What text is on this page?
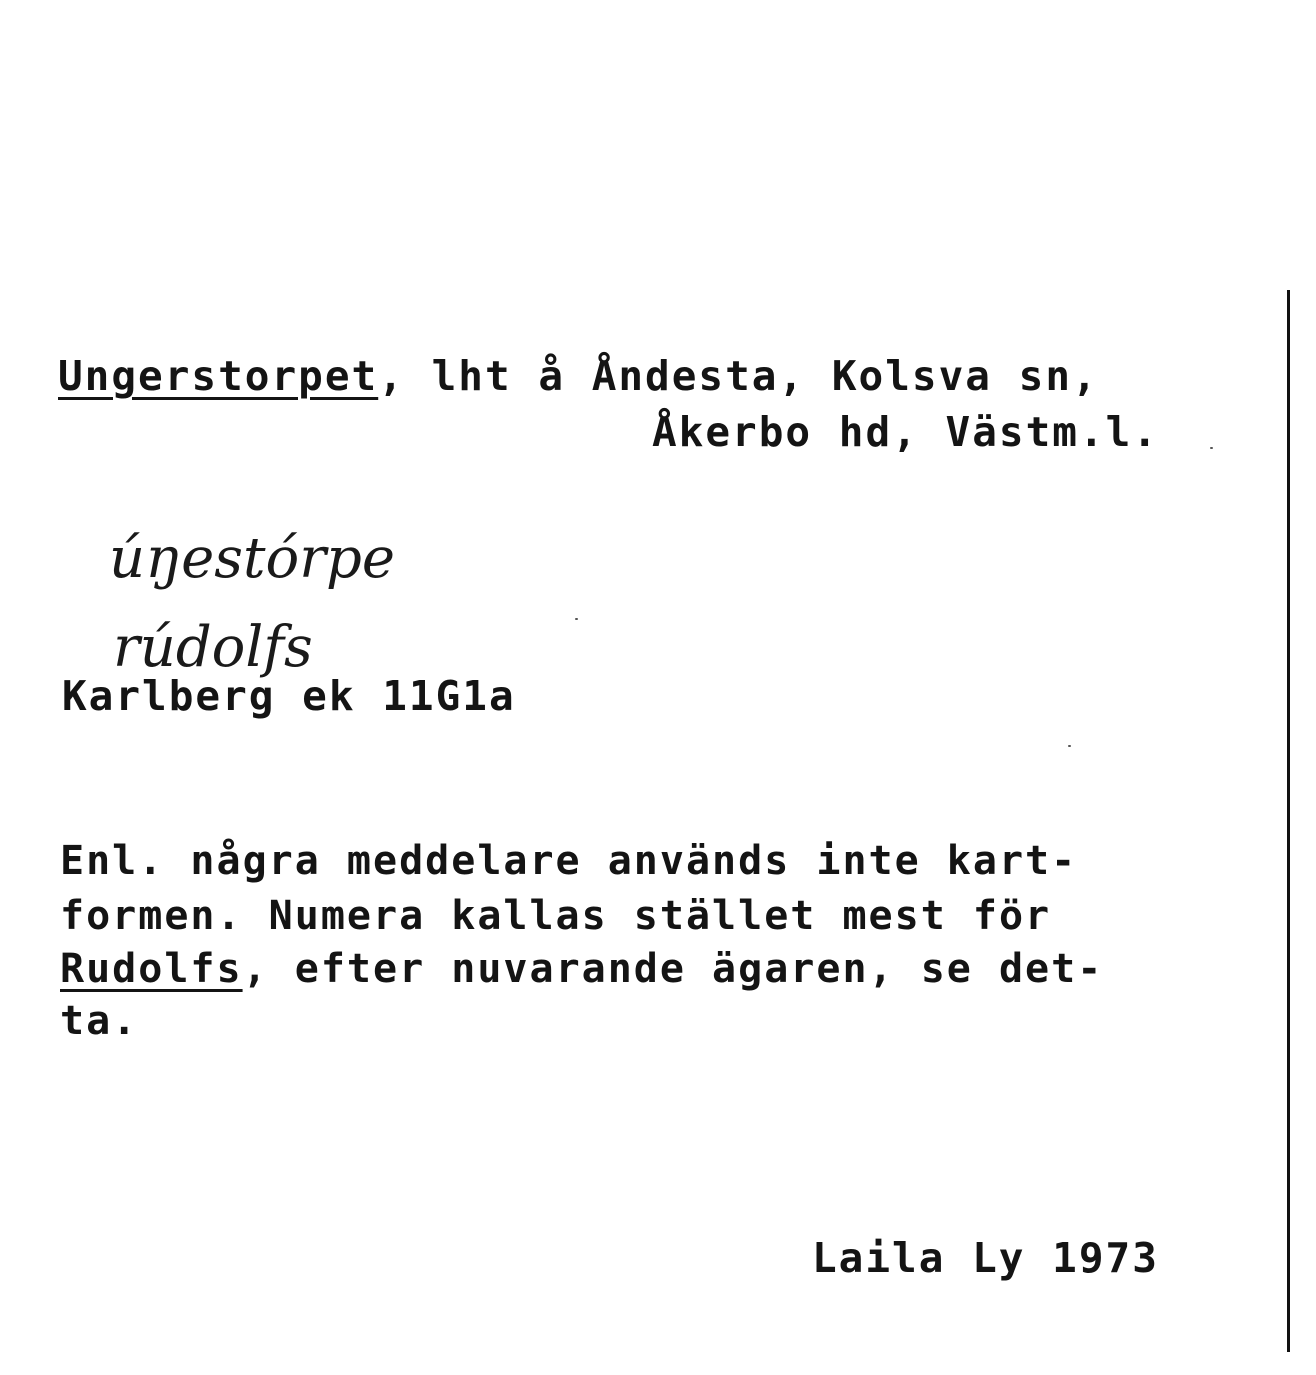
Ungerstorpet, lht å Åndesta, Kolsva sn,
Åkerbo hd, Västm.l.

úŋestórpe

rúdolfs

Karlberg ek 11G1a
Enl. några meddelare används inte kart-
formen. Numera kallas stället mest för
Rudolfs, efter nuvarande ägaren, se det-
ta.
Laila Ly 1973
